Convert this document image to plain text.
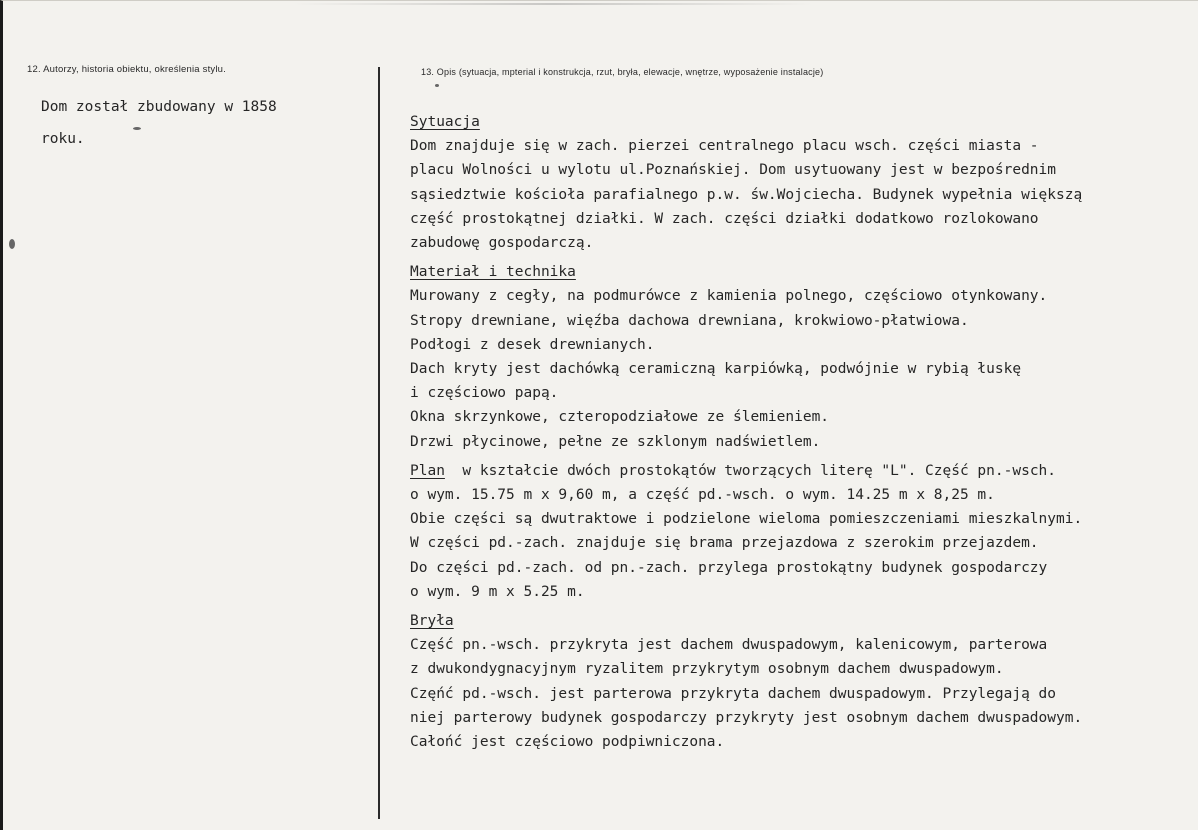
12. Autorzy, historia obiektu, określenia stylu.
Dom został zbudowany w 1858
roku.
13. Opis (sytuacja, mpterial i konstrukcja, rzut, bryła, elewacje, wnętrze, wyposażenie instalacje)
Sytuacja
Dom znajduje się w zach. pierzei centralnego placu wsch. części miasta -
placu Wolności u wylotu ul.Poznańskiej. Dom usytuowany jest w bezpośrednim
sąsiedztwie kościoła parafialnego p.w. św.Wojciecha. Budynek wypełnia większą
część prostokątnej działki. W zach. części działki dodatkowo rozlokowano
zabudowę gospodarczą.
Materiał i technika
Murowany z cegły, na podmurówce z kamienia polnego, częściowo otynkowany.
Stropy drewniane, więźba dachowa drewniana, krokwiowo-płatwiowa.
Podłogi z desek drewnianych.
Dach kryty jest dachówką ceramiczną karpiówką, podwójnie w rybią łuskę
i częściowo papą.
Okna skrzynkowe, czteropodziałowe ze ślemieniem.
Drzwi płycinowe, pełne ze szklonym nadświetlem.
Plan  w kształcie dwóch prostokątów tworzących literę "L". Część pn.-wsch.
o wym. 15.75 m x 9,60 m, a część pd.-wsch. o wym. 14.25 m x 8,25 m.
Obie części są dwutraktowe i podzielone wieloma pomieszczeniami mieszkalnymi.
W części pd.-zach. znajduje się brama przejazdowa z szerokim przejazdem.
Do części pd.-zach. od pn.-zach. przylega prostokątny budynek gospodarczy
o wym. 9 m x 5.25 m.
Bryła
Część pn.-wsch. przykryta jest dachem dwuspadowym, kalenicowym, parterowa
z dwukondygnacyjnym ryzalitem przykrytym osobnym dachem dwuspadowym.
Częńć pd.-wsch. jest parterowa przykryta dachem dwuspadowym. Przylegają do
niej parterowy budynek gospodarczy przykryty jest osobnym dachem dwuspadowym.
Całońć jest częściowo podpiwniczona.
